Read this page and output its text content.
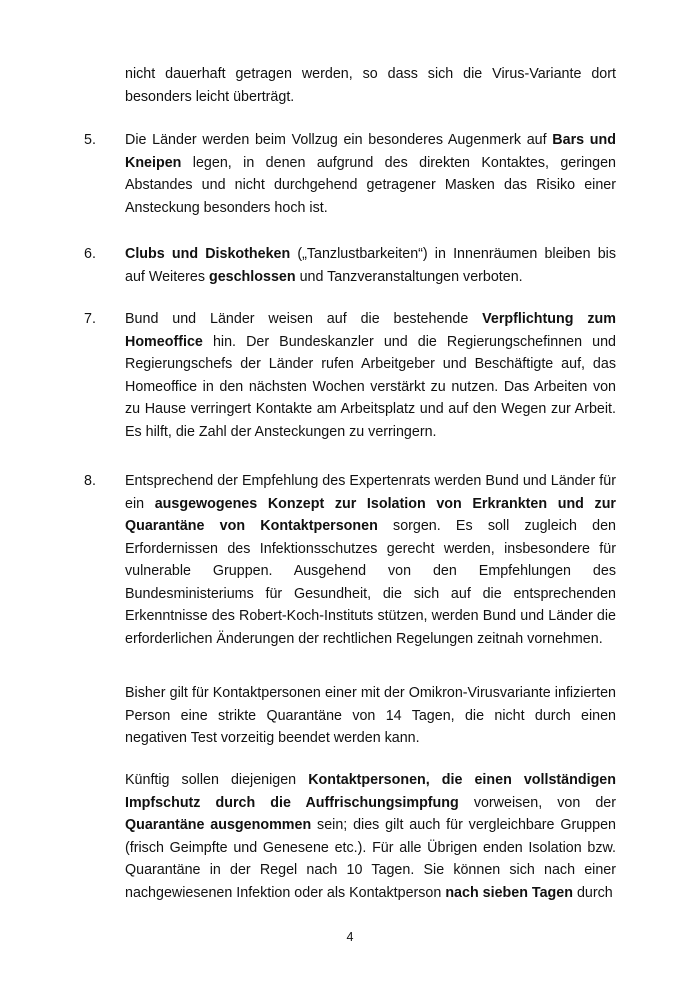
nicht dauerhaft getragen werden, so dass sich die Virus-Variante dort besonders leicht überträgt.

5. Die Länder werden beim Vollzug ein besonderes Augenmerk auf Bars und Kneipen legen, in denen aufgrund des direkten Kontaktes, geringen Abstandes und nicht durchgehend getragener Masken das Risiko einer Ansteckung besonders hoch ist.

6. Clubs und Diskotheken („Tanzlustbarkeiten“) in Innenräumen bleiben bis auf Weiteres geschlossen und Tanzveranstaltungen verboten.

7. Bund und Länder weisen auf die bestehende Verpflichtung zum Homeoffice hin. Der Bundeskanzler und die Regierungschefinnen und Regierungschefs der Länder rufen Arbeitgeber und Beschäftigte auf, das Homeoffice in den nächsten Wochen verstärkt zu nutzen. Das Arbeiten von zu Hause verringert Kontakte am Arbeitsplatz und auf den Wegen zur Arbeit. Es hilft, die Zahl der Ansteckungen zu verringern.

8. Entsprechend der Empfehlung des Expertenrats werden Bund und Länder für ein ausgewogenes Konzept zur Isolation von Erkrankten und zur Quarantäne von Kontaktpersonen sorgen. Es soll zugleich den Erfordernissen des Infektionsschutzes gerecht werden, insbesondere für vulnerable Gruppen. Ausgehend von den Empfehlungen des Bundesministeriums für Gesundheit, die sich auf die entsprechenden Erkenntnisse des Robert-Koch-Instituts stützen, werden Bund und Länder die erforderlichen Änderungen der rechtlichen Regelungen zeitnah vornehmen.

Bisher gilt für Kontaktpersonen einer mit der Omikron-Virusvariante infizierten Person eine strikte Quarantäne von 14 Tagen, die nicht durch einen negativen Test vorzeitig beendet werden kann.

Künftig sollen diejenigen Kontaktpersonen, die einen vollständigen Impfschutz durch die Auffrischungsimpfung vorweisen, von der Quarantäne ausgenommen sein; dies gilt auch für vergleichbare Gruppen (frisch Geimpfte und Genesene etc.). Für alle Übrigen enden Isolation bzw. Quarantäne in der Regel nach 10 Tagen. Sie können sich nach einer nachgewiesenen Infektion oder als Kontaktperson nach sieben Tagen durch

4
